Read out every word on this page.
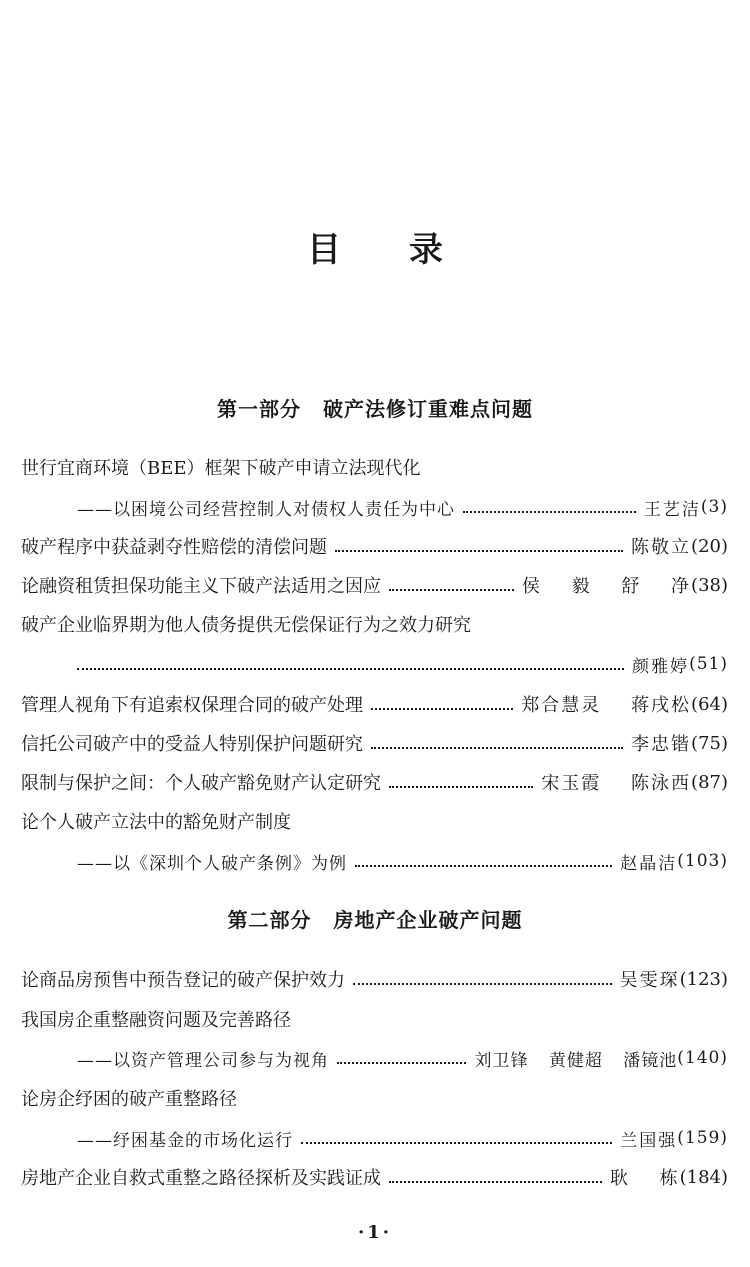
目录
第一部分 破产法修订重难点问题
世行宜商环境（BEE）框架下破产申请立法现代化
——以困境公司经营控制人对债权人责任为中心	王艺洁 (3)
破产程序中获益剥夺性赔偿的清偿问题	陈敬立 (20)
论融资租赁担保功能主义下破产法适用之因应	侯 毅 舒 净 (38)
破产企业临界期为他人债务提供无偿保证行为之效力研究
颜雅婷 (51)
管理人视角下有追索权保理合同的破产处理	郑合慧灵 蒋戌松 (64)
信托公司破产中的受益人特别保护问题研究	李忠锴 (75)
限制与保护之间：个人破产豁免财产认定研究	宋玉霞 陈泳西 (87)
论个人破产立法中的豁免财产制度
——以《深圳个人破产条例》为例	赵晶洁 (103)
第二部分 房地产企业破产问题
论商品房预售中预告登记的破产保护效力	吴雯琛 (123)
我国房企重整融资问题及完善路径
——以资产管理公司参与为视角	刘卫锋 黄健超 潘镜池 (140)
论房企纾困的破产重整路径
——纾困基金的市场化运行	兰国强 (159)
房地产企业自救式重整之路径探析及实践证成	耿 栋 (184)
·1·
